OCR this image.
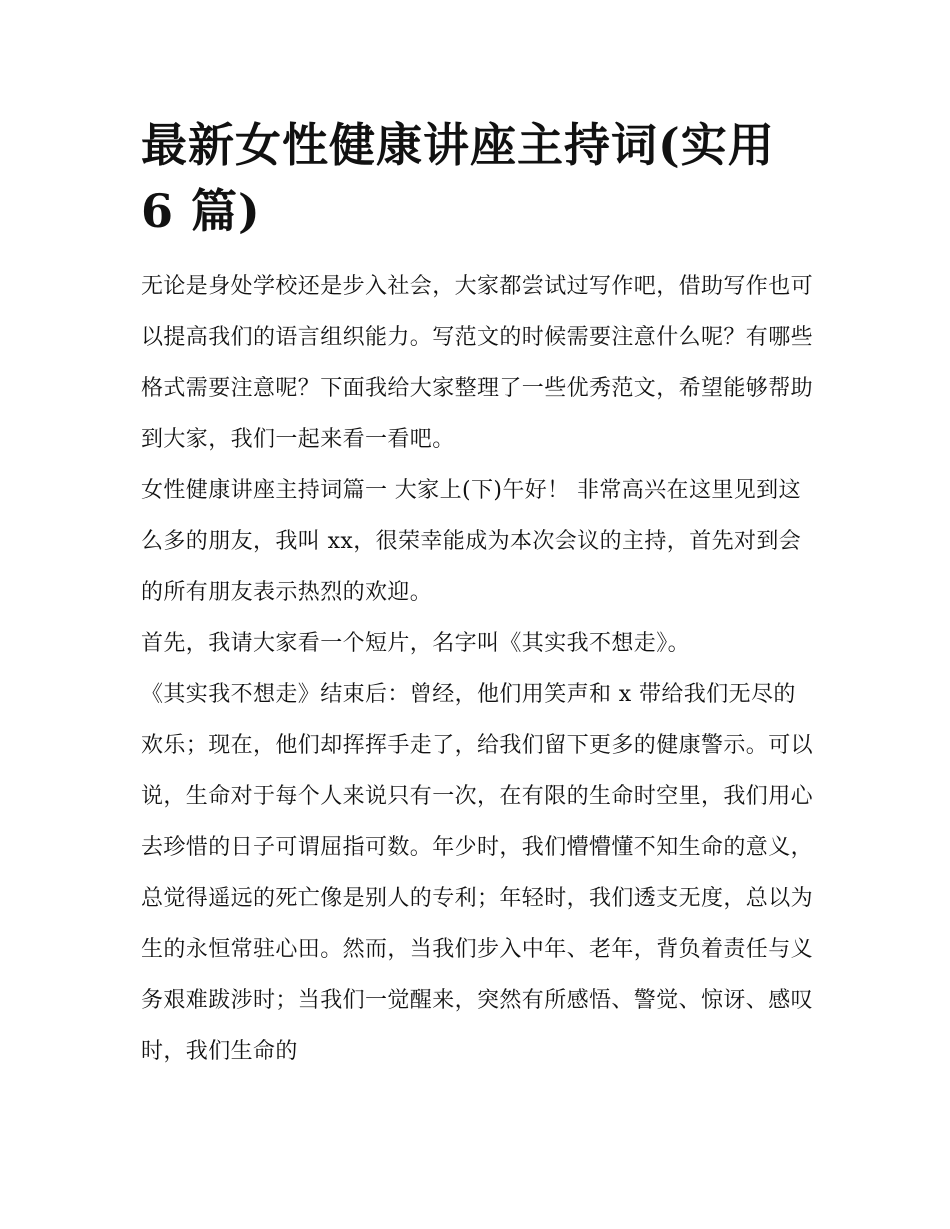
最新女性健康讲座主持词(实用 6 篇)

无论是身处学校还是步入社会，大家都尝试过写作吧，借助写作也可以提高我们的语言组织能力。写范文的时候需要注意什么呢？有哪些格式需要注意呢？下面我给大家整理了一些优秀范文，希望能够帮助到大家，我们一起来看一看吧。

女性健康讲座主持词篇一 大家上(下)午好！ 非常高兴在这里见到这么多的朋友，我叫 xx，很荣幸能成为本次会议的主持，首先对到会的所有朋友表示热烈的欢迎。

首先，我请大家看一个短片，名字叫《其实我不想走》。

《其实我不想走》结束后：曾经，他们用笑声和 x 带给我们无尽的欢乐；现在，他们却挥挥手走了，给我们留下更多的健康警示。可以说，生命对于每个人来说只有一次，在有限的生命时空里，我们用心去珍惜的日子可谓屈指可数。年少时，我们懵懵懂不知生命的意义，总觉得遥远的死亡像是别人的专利；年轻时，我们透支无度，总以为生的永恒常驻心田。然而，当我们步入中年、老年，背负着责任与义务艰难跋涉时；当我们一觉醒来，突然有所感悟、警觉、惊讶、感叹时，我们生命的
